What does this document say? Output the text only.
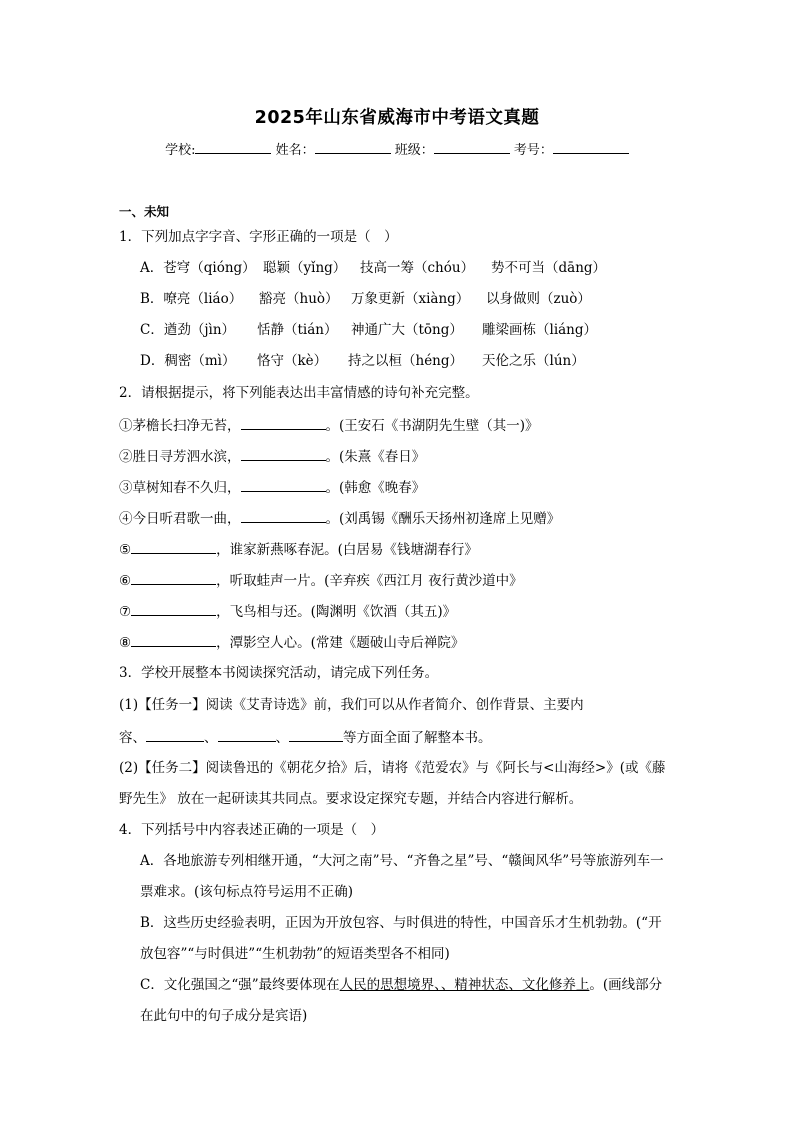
2025年山东省威海市中考语文真题
学校:	姓名：	班级：	考号：
一、未知
1．下列加点字字音、字形正确的一项是（　）
A．苍穹（qióng） 聪颖（yǐng） 技高一筹（chóu） 势不可当（dāng）
B．嘹亮（liáo） 豁亮（huò） 万象更新（xiàng） 以身做则（zuò）
C．遒劲（jìn） 恬静（tián） 神通广大（tōng） 雕梁画栋（liáng）
D．稠密（mì） 恪守（kè） 持之以桓（héng） 天伦之乐（lún）
2．请根据提示，将下列能表达出丰富情感的诗句补充完整。
①茅檐长扫净无苔，	。(王安石《书湖阴先生壁（其一)》
②胜日寻芳泗水滨，	。(朱熹《春日》
③草树知春不久归，	。(韩愈《晚春》
④今日听君歌一曲，	。(刘禹锡《酬乐天扬州初逢席上见赠》
⑤	，谁家新燕啄春泥。(白居易《钱塘湖春行》
⑥	，听取蛙声一片。(辛弃疾《西江月 夜行黄沙道中》
⑦	，飞鸟相与还。(陶渊明《饮酒（其五)》
⑧	，潭影空人心。(常建《题破山寺后禅院》
3．学校开展整本书阅读探究活动，请完成下列任务。
(1)【任务一】阅读《艾青诗选》前，我们可以从作者简介、创作背景、主要内
容、	、	、	等方面全面了解整本书。
(2)【任务二】阅读鲁迅的《朝花夕拾》后，请将《范爱农》与《阿长与<山海经>》(或《藤
野先生》 放在一起研读其共同点。要求设定探究专题，并结合内容进行解析。
4．下列括号中内容表述正确的一项是（　）
A．各地旅游专列相继开通，“大河之南”号、“齐鲁之星”号、“赣闽风华”号等旅游列车一
票难求。(该句标点符号运用不正确)
B．这些历史经验表明，正因为开放包容、与时俱进的特性，中国音乐才生机勃勃。(“开
放包容”“与时俱进”“生机勃勃”的短语类型各不相同)
C．文化强国之“强”最终要体现在人民的思想境界、、精神状态、文化修养上。(画线部分
在此句中的句子成分是宾语)
